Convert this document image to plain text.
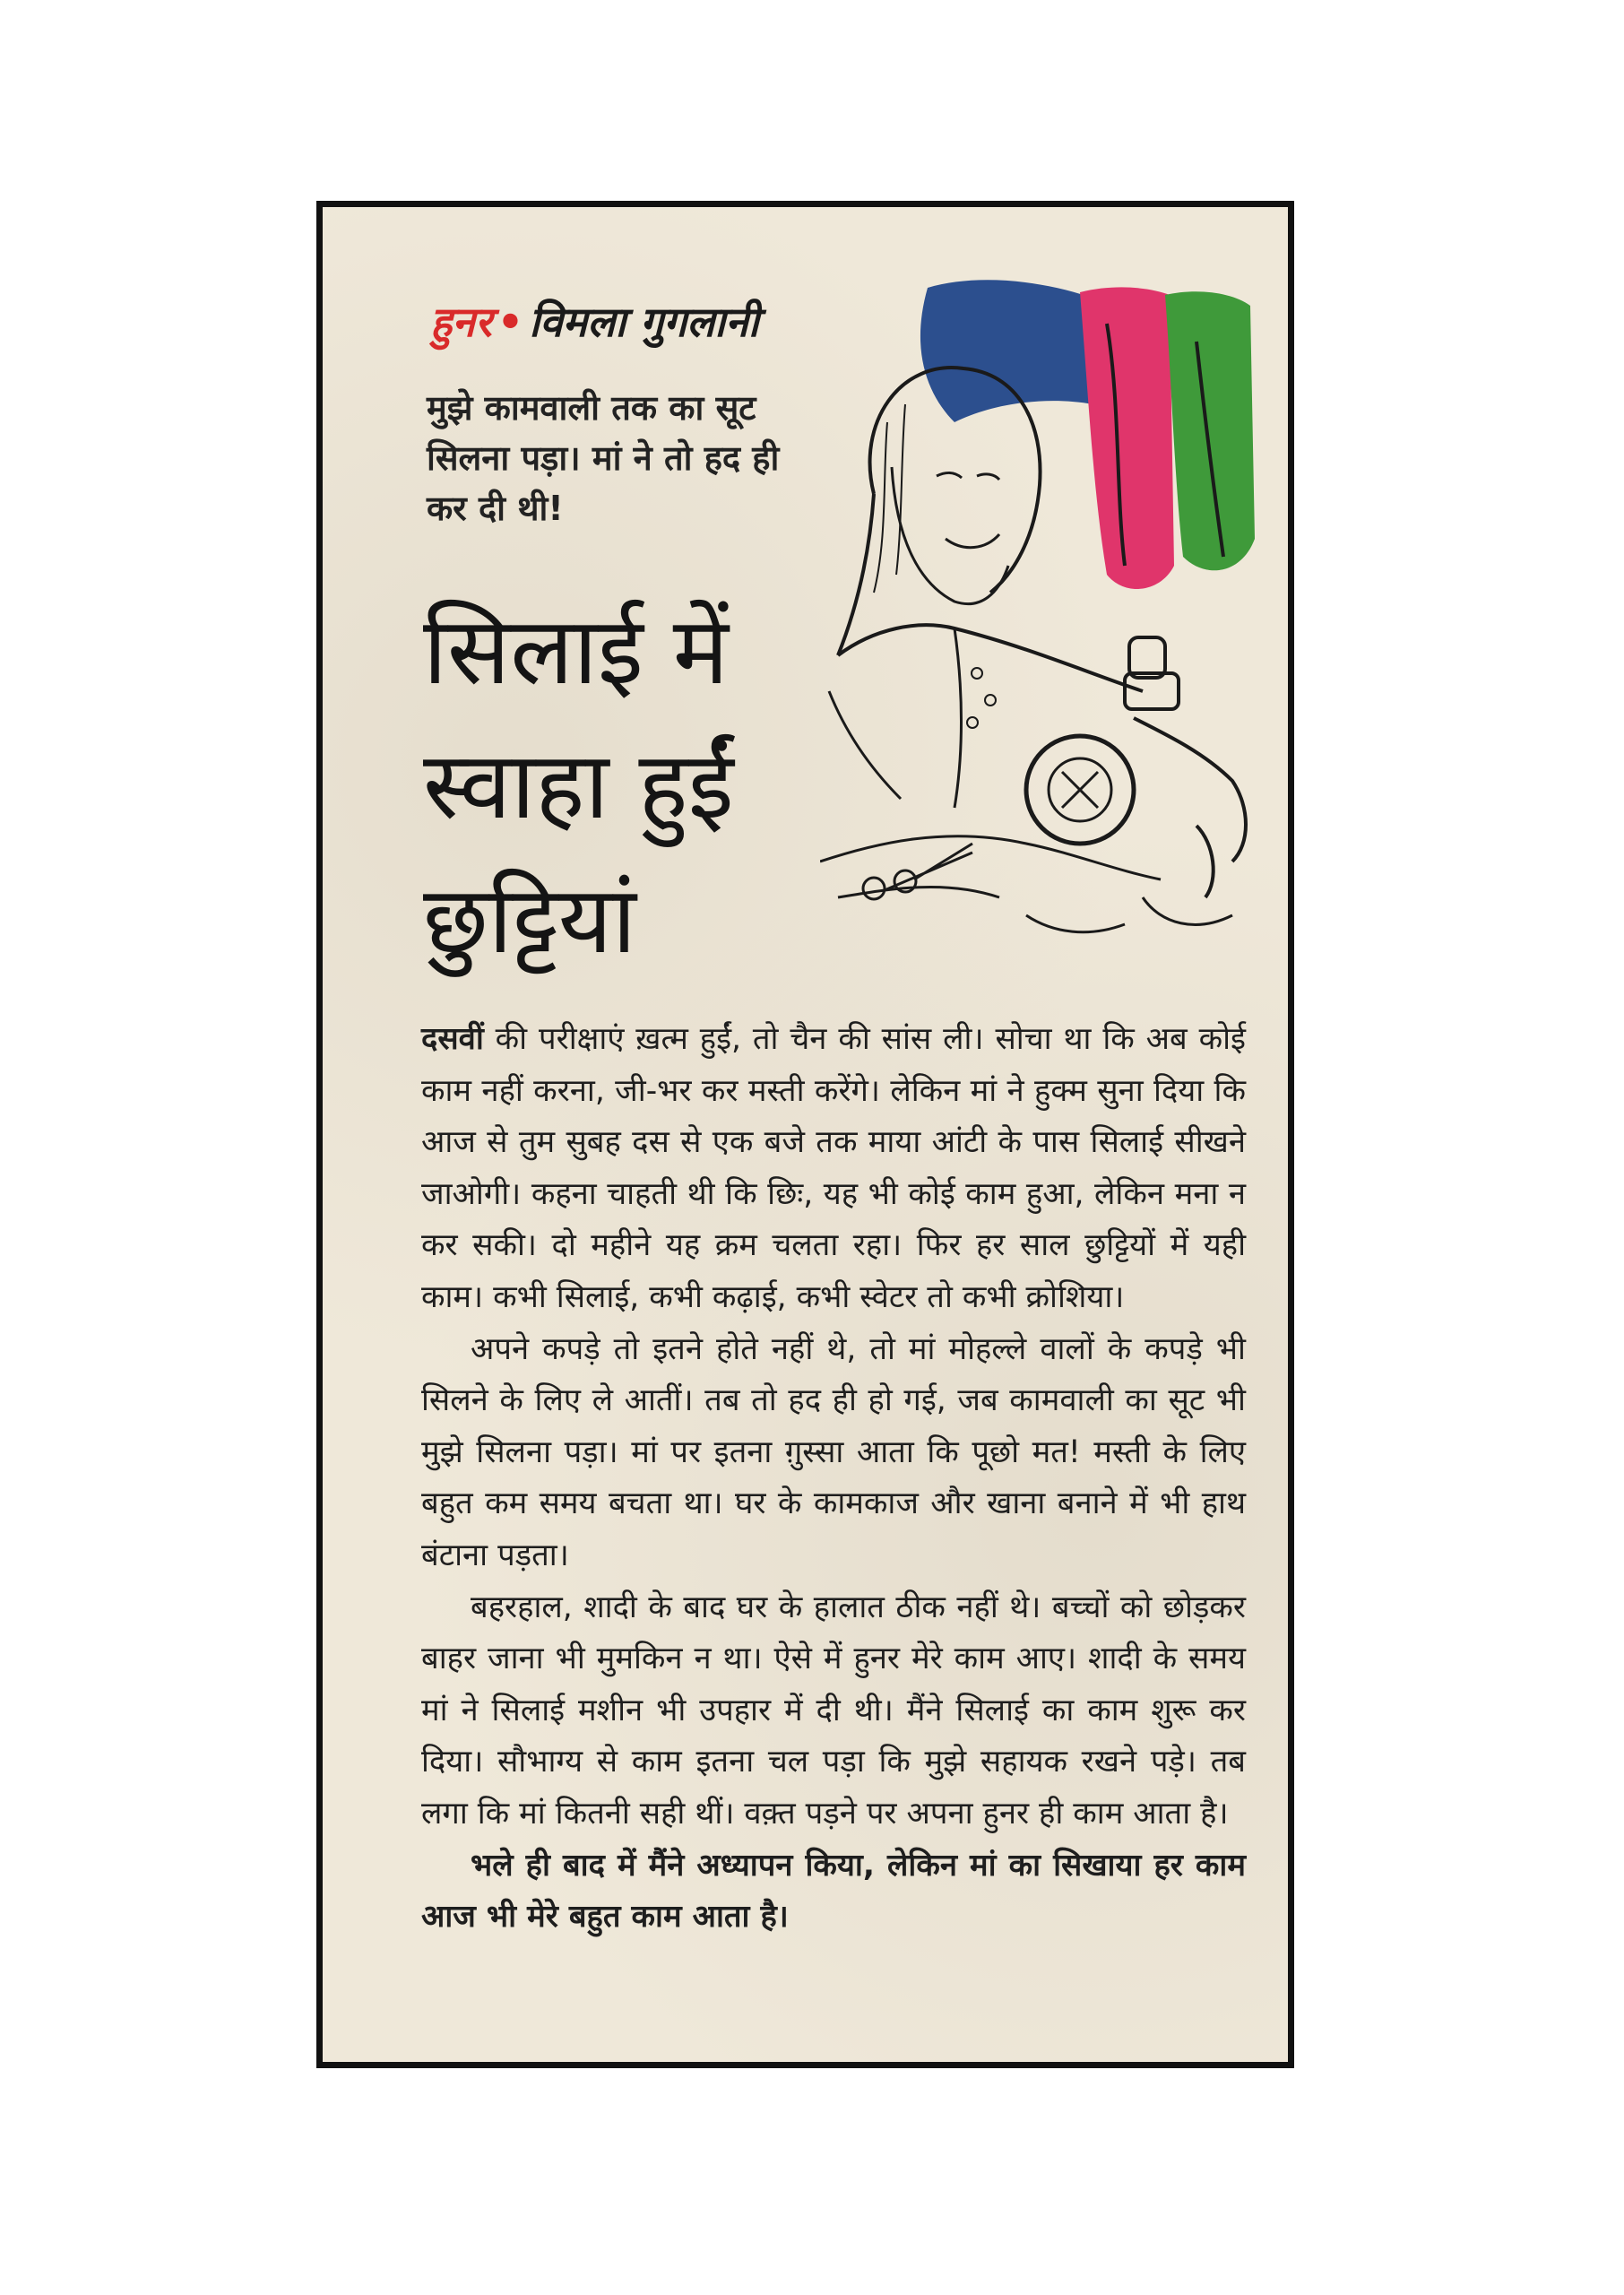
हुनर • विमला गुगलानी
मुझे कामवाली तक का सूट सिलना पड़ा। मां ने तो हद ही कर दी थी!
सिलाई में स्वाहा हुईं छुट्टियां

दसवीं की परीक्षाएं ख़त्म हुईं, तो चैन की सांस ली। सोचा था कि अब कोई काम नहीं करना, जी-भर कर मस्ती करेंगे। लेकिन मां ने हुक्म सुना दिया कि आज से तुम सुबह दस से एक बजे तक माया आंटी के पास सिलाई सीखने जाओगी। कहना चाहती थी कि छिः, यह भी कोई काम हुआ, लेकिन मना न कर सकी। दो महीने यह क्रम चलता रहा। फिर हर साल छुट्टियों में यही काम। कभी सिलाई, कभी कढ़ाई, कभी स्वेटर तो कभी क्रोशिया।

अपने कपड़े तो इतने होते नहीं थे, तो मां मोहल्ले वालों के कपड़े भी सिलने के लिए ले आतीं। तब तो हद ही हो गई, जब कामवाली का सूट भी मुझे सिलना पड़ा। मां पर इतना ग़ुस्सा आता कि पूछो मत! मस्ती के लिए बहुत कम समय बचता था। घर के कामकाज और खाना बनाने में भी हाथ बंटाना पड़ता।

बहरहाल, शादी के बाद घर के हालात ठीक नहीं थे। बच्चों को छोड़कर बाहर जाना भी मुमकिन न था। ऐसे में हुनर मेरे काम आए। शादी के समय मां ने सिलाई मशीन भी उपहार में दी थी। मैंने सिलाई का काम शुरू कर दिया। सौभाग्य से काम इतना चल पड़ा कि मुझे सहायक रखने पड़े। तब लगा कि मां कितनी सही थीं। वक़्त पड़ने पर अपना हुनर ही काम आता है।

भले ही बाद में मैंने अध्यापन किया, लेकिन मां का सिखाया हर काम आज भी मेरे बहुत काम आता है।
